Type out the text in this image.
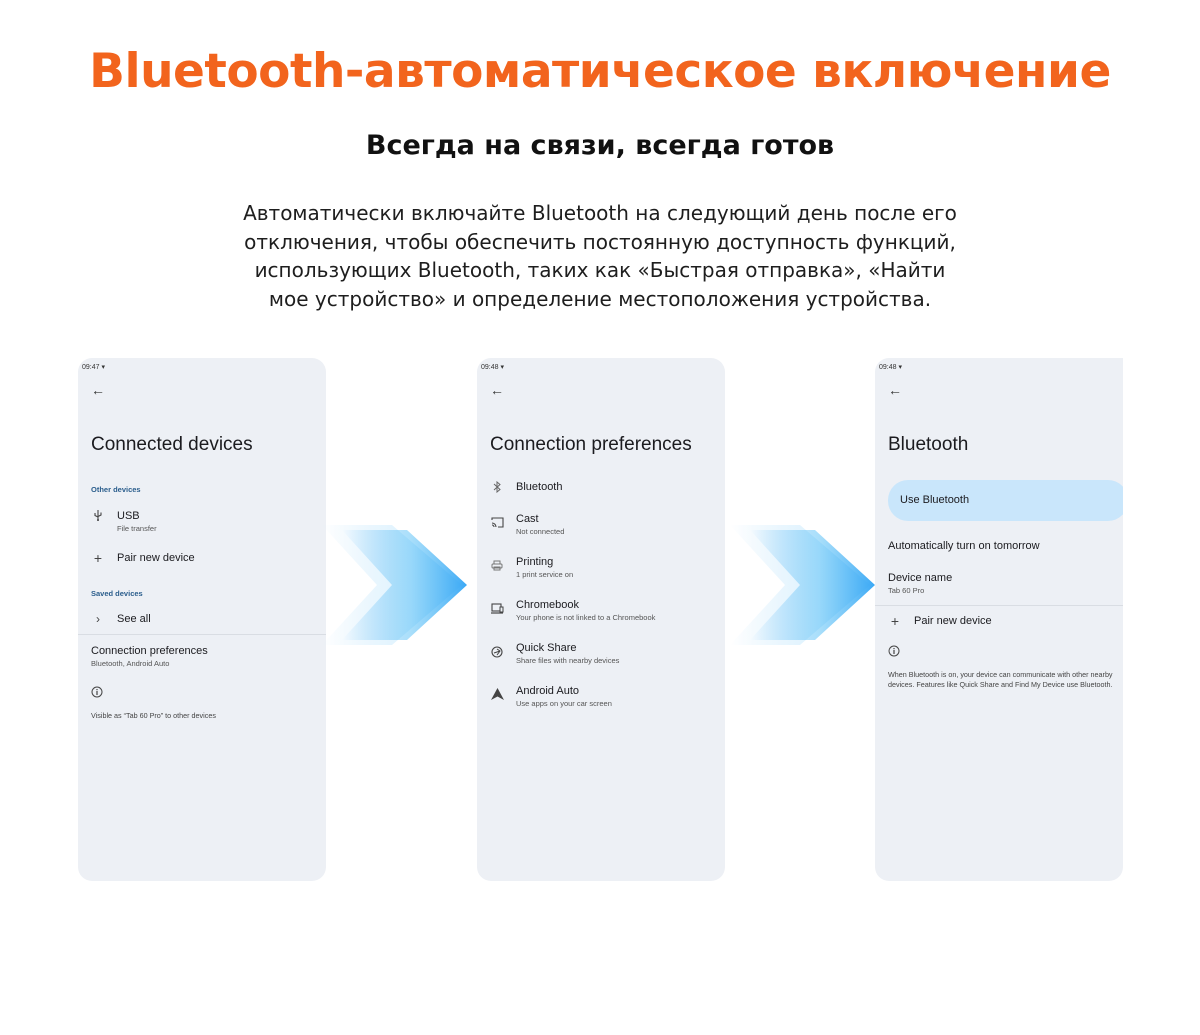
Bluetooth-автоматическое включение
Всегда на связи, всегда готов
Автоматически включайте Bluetooth на следующий день после его
отключения, чтобы обеспечить постоянную доступность функций,
использующих Bluetooth, таких как «Быстрая отправка», «Найти
мое устройство» и определение местоположения устройства.
09:47 ▾
←
Connected devices
Other devices
USB
File transfer
+ Pair new device
Saved devices
›	See all
Connection preferences
Bluetooth, Android Auto
Visible as “Tab 60 Pro” to other devices
09:48 ▾
←
Connection preferences
Bluetooth
Cast
Not connected
Printing
1 print service on
Chromebook
Your phone is not linked to a Chromebook
Quick Share
Share files with nearby devices
Android Auto
Use apps on your car screen
09:48 ▾
←
Bluetooth
Use Bluetooth
Automatically turn on tomorrow
Device name
Tab 60 Pro
+ Pair new device
When Bluetooth is on, your device can communicate with other nearby
devices. Features like Quick Share and Find My Device use Bluetooth.
